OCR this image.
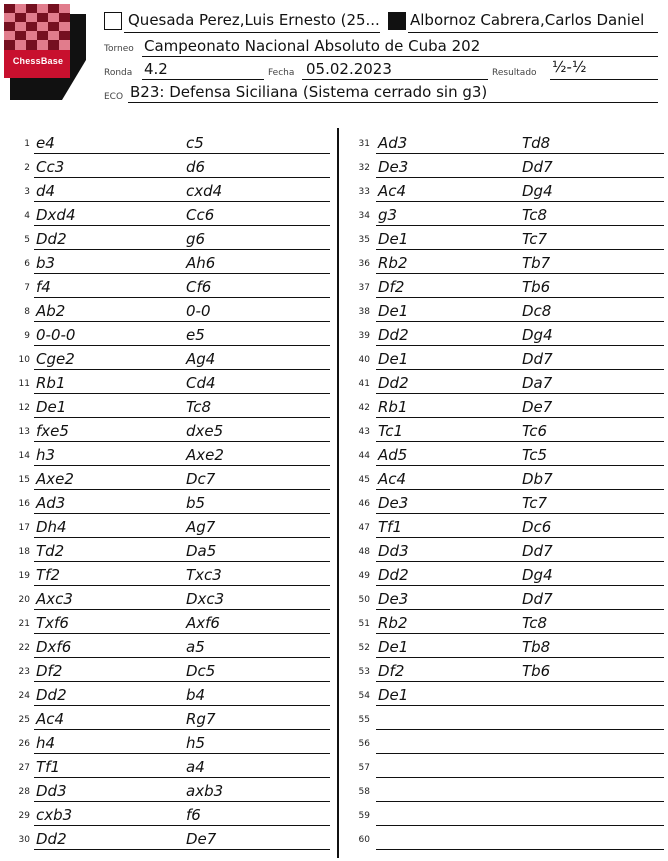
ChessBase
Quesada Perez,Luis Ernesto (25... Albornoz Cabrera,Carlos Daniel
Torneo Campeonato Nacional Absoluto de Cuba 202
Ronda 4.2	Fecha 05.02.2023	Resultado ½-½
ECO B23: Defensa Siciliana (Sistema cerrado sin g3)
1 e4	c5
2 Cc3	d6
3 d4	cxd4
4 Dxd4	Cc6
5 Dd2	g6
6 b3	Ah6
7 f4	Cf6
8 Ab2	0-0
9 0-0-0	e5
10 Cge2	Ag4
11 Rb1	Cd4
12 De1	Tc8
13 fxe5	dxe5
14 h3	Axe2
15 Axe2	Dc7
16 Ad3	b5
17 Dh4	Ag7
18 Td2	Da5
19 Tf2	Txc3
20 Axc3	Dxc3
21 Txf6	Axf6
22 Dxf6	a5
23 Df2	Dc5
24 Dd2	b4
25 Ac4	Rg7
26 h4	h5
27 Tf1	a4
28 Dd3	axb3
29 cxb3	f6
30 Dd2	De7
31 Ad3	Td8
32 De3	Dd7
33 Ac4	Dg4
34 g3	Tc8
35 De1	Tc7
36 Rb2	Tb7
37 Df2	Tb6
38 De1	Dc8
39 Dd2	Dg4
40 De1	Dd7
41 Dd2	Da7
42 Rb1	De7
43 Tc1	Tc6
44 Ad5	Tc5
45 Ac4	Db7
46 De3	Tc7
47 Tf1	Dc6
48 Dd3	Dd7
49 Dd2	Dg4
50 De3	Dd7
51 Rb2	Tc8
52 De1	Tb8
53 Df2	Tb6
54 De1
55
56
57
58
59
60
